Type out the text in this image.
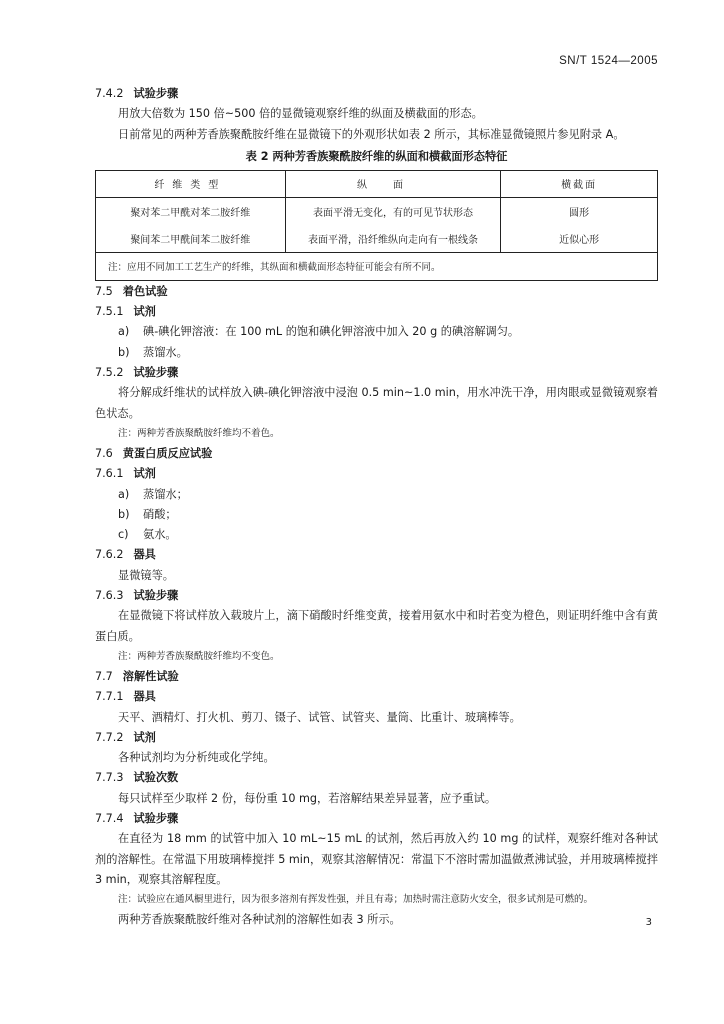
SN/T 1524—2005
7.4.2 试验步骤
用放大倍数为 150 倍~500 倍的显微镜观察纤维的纵面及横截面的形态。
日前常见的两种芳香族聚酰胺纤维在显微镜下的外观形状如表 2 所示，其标准显微镜照片参见附录 A。
表 2 两种芳香族聚酰胺纤维的纵面和横截面形态特征
纤维类型	纵面	横截面
聚对苯二甲酰对苯二胺纤维	表面平滑无变化，有的可见节状形态	圆形
聚间苯二甲酰间苯二胺纤维	表面平滑，沿纤维纵向走向有一根线条	近似心形
注：应用不同加工工艺生产的纤维，其纵面和横截面形态特征可能会有所不同。		
7.5 着色试验
7.5.1 试剂
a) 碘-碘化钾溶液：在 100 mL 的饱和碘化钾溶液中加入 20 g 的碘溶解调匀。
b) 蒸馏水。
7.5.2 试验步骤
将分解成纤维状的试样放入碘-碘化钾溶液中浸泡 0.5 min~1.0 min，用水冲洗干净，用肉眼或显微镜观察着色状态。
注：两种芳香族聚酰胺纤维均不着色。
7.6 黄蛋白质反应试验
7.6.1 试剂
a) 蒸馏水；
b) 硝酸；
c) 氨水。
7.6.2 器具
显微镜等。
7.6.3 试验步骤
在显微镜下将试样放入载玻片上，滴下硝酸时纤维变黄，接着用氨水中和时若变为橙色，则证明纤维中含有黄蛋白质。
注：两种芳香族聚酰胺纤维均不变色。
7.7 溶解性试验
7.7.1 器具
天平、酒精灯、打火机、剪刀、镊子、试管、试管夹、量筒、比重计、玻璃棒等。
7.7.2 试剂
各种试剂均为分析纯或化学纯。
7.7.3 试验次数
每只试样至少取样 2 份，每份重 10 mg，若溶解结果差异显著，应予重试。
7.7.4 试验步骤
在直径为 18 mm 的试管中加入 10 mL~15 mL 的试剂，然后再放入约 10 mg 的试样，观察纤维对各种试剂的溶解性。在常温下用玻璃棒搅拌 5 min，观察其溶解情况：常温下不溶时需加温做煮沸试验，并用玻璃棒搅拌 3 min，观察其溶解程度。
注：试验应在通风橱里进行，因为很多溶剂有挥发性强，并且有毒；加热时需注意防火安全，很多试剂是可燃的。
两种芳香族聚酰胺纤维对各种试剂的溶解性如表 3 所示。	3
